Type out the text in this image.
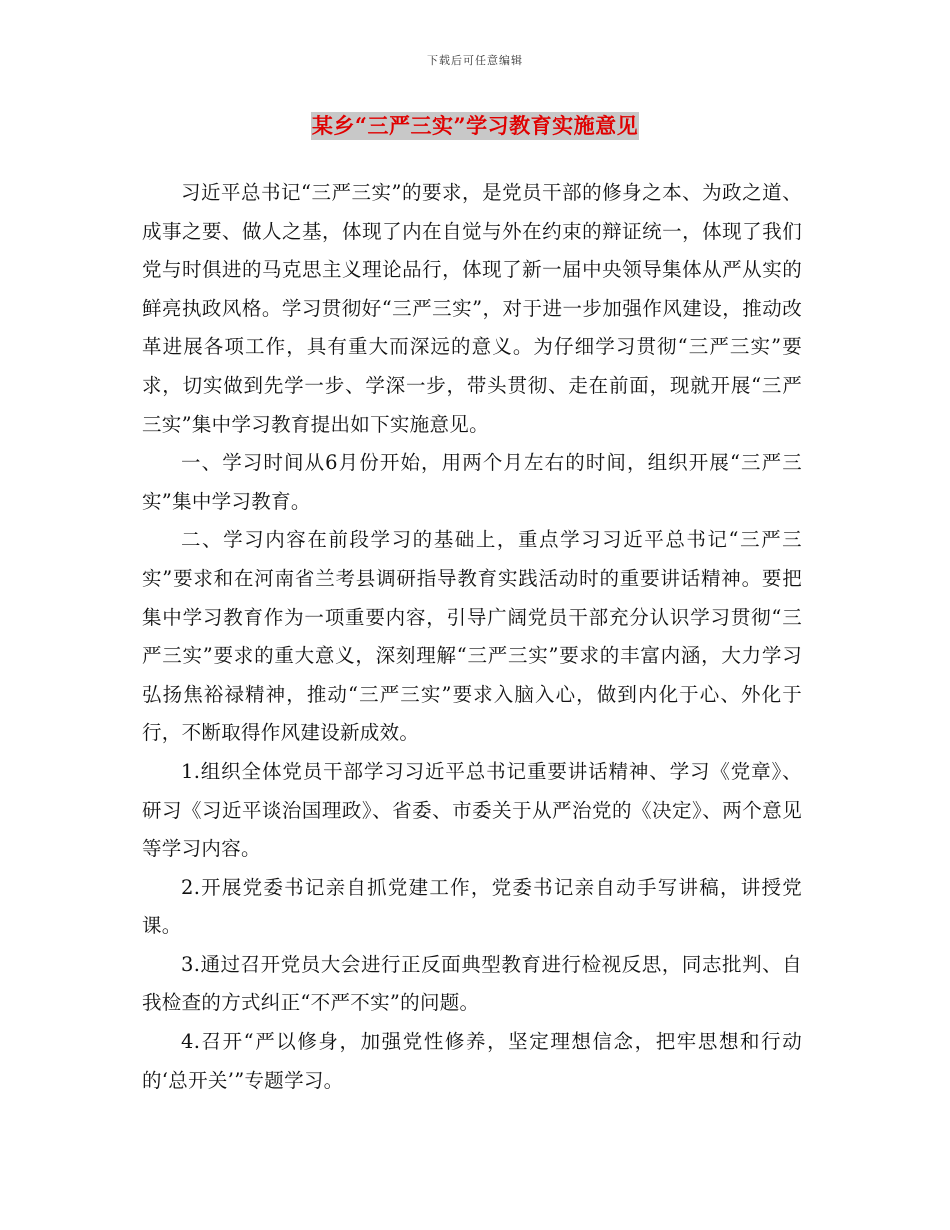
下载后可任意编辑
某乡“三严三实”学习教育实施意见

习近平总书记“三严三实”的要求，是党员干部的修身之本、为政之道、成事之要、做人之基，体现了内在自觉与外在约束的辩证统一，体现了我们党与时俱进的马克思主义理论品行，体现了新一届中央领导集体从严从实的鲜亮执政风格。学习贯彻好“三严三实”，对于进一步加强作风建设，推动改革进展各项工作，具有重大而深远的意义。为仔细学习贯彻“三严三实”要求，切实做到先学一步、学深一步，带头贯彻、走在前面，现就开展“三严三实”集中学习教育提出如下实施意见。

一、学习时间从6月份开始，用两个月左右的时间，组织开展“三严三实”集中学习教育。

二、学习内容在前段学习的基础上，重点学习习近平总书记“三严三实”要求和在河南省兰考县调研指导教育实践活动时的重要讲话精神。要把集中学习教育作为一项重要内容，引导广阔党员干部充分认识学习贯彻“三严三实”要求的重大意义，深刻理解“三严三实”要求的丰富内涵，大力学习弘扬焦裕禄精神，推动“三严三实”要求入脑入心，做到内化于心、外化于行，不断取得作风建设新成效。

1.组织全体党员干部学习习近平总书记重要讲话精神、学习《党章》、研习《习近平谈治国理政》、省委、市委关于从严治党的《决定》、两个意见等学习内容。

2.开展党委书记亲自抓党建工作，党委书记亲自动手写讲稿，讲授党课。

3.通过召开党员大会进行正反面典型教育进行检视反思，同志批判、自我检查的方式纠正“不严不实”的问题。

4.召开“严以修身，加强党性修养，坚定理想信念，把牢思想和行动的‘总开关’”专题学习。
